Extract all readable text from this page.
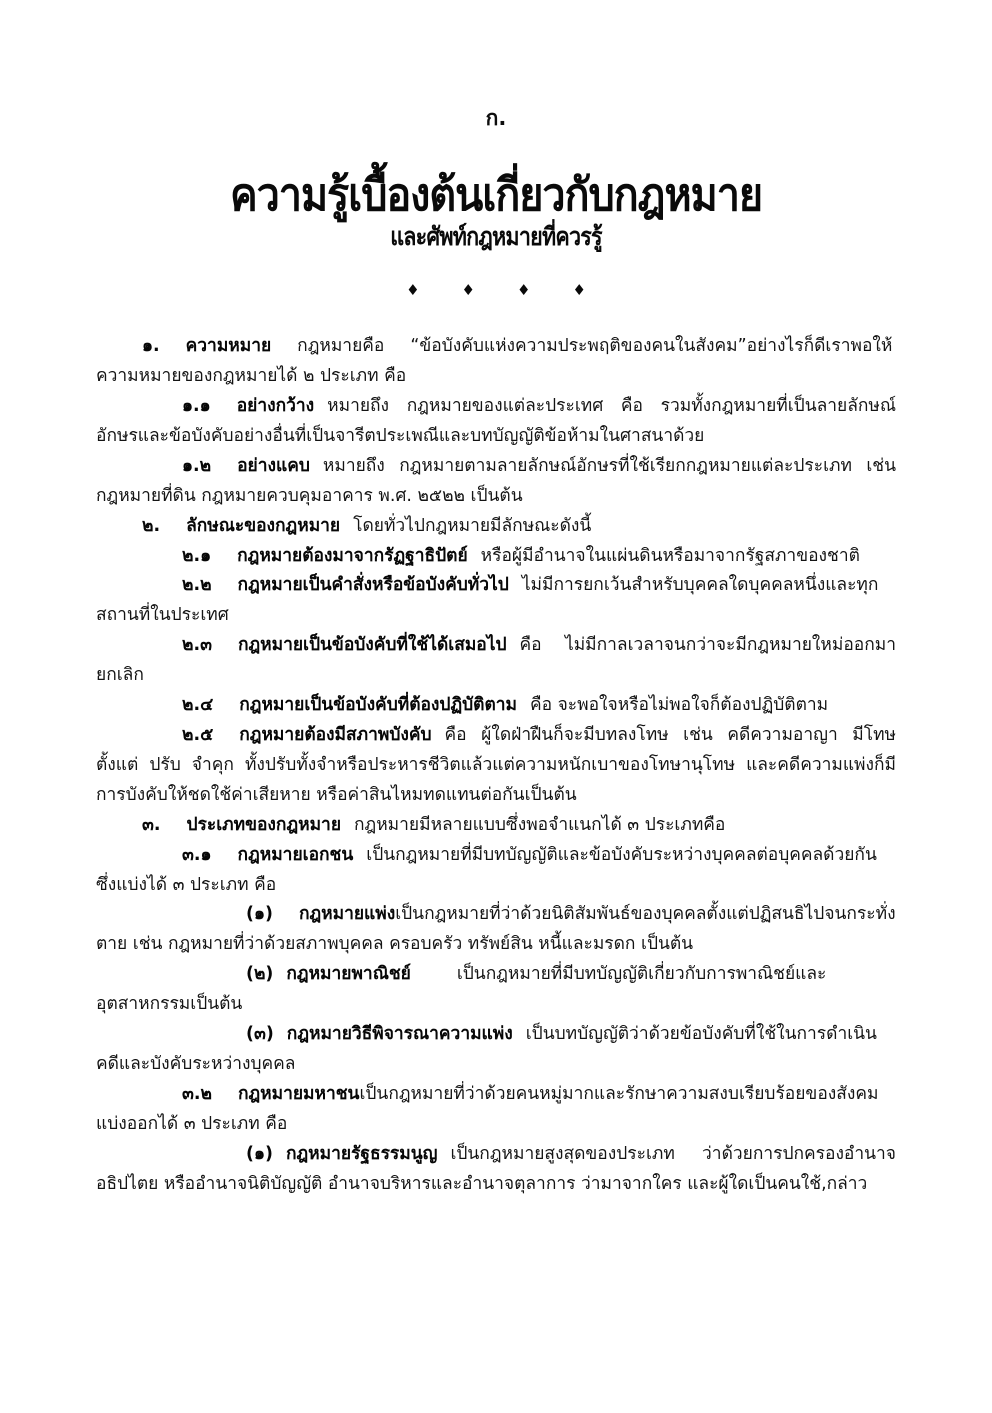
ก.
ความรู้เบื้องต้นเกี่ยวกับกฎหมาย
และศัพท์กฎหมายที่ควรรู้
♦	♦	♦	♦

๑. ความหมาย กฎหมายคือ “ข้อบังคับแห่งความประพฤติของคนในสังคม”อย่างไรก็ดีเราพอให้ความหมายของกฎหมายได้ ๒ ประเภท คือ

๑.๑ อย่างกว้าง หมายถึง กฎหมายของแต่ละประเทศ คือ รวมทั้งกฎหมายที่เป็นลายลักษณ์อักษรและข้อบังคับอย่างอื่นที่เป็นจารีตประเพณีและบทบัญญัติข้อห้ามในศาสนาด้วย

๑.๒ อย่างแคบ หมายถึง กฎหมายตามลายลักษณ์อักษรที่ใช้เรียกกฎหมายแต่ละประเภท เช่น กฎหมายที่ดิน กฎหมายควบคุมอาคาร พ.ศ. ๒๕๒๒ เป็นต้น

๒. ลักษณะของกฎหมาย โดยทั่วไปกฎหมายมีลักษณะดังนี้

๒.๑ กฎหมายต้องมาจากรัฏฐาธิปัตย์ หรือผู้มีอำนาจในแผ่นดินหรือมาจากรัฐสภาของชาติ

๒.๒ กฎหมายเป็นคำสั่งหรือข้อบังคับทั่วไป ไม่มีการยกเว้นสำหรับบุคคลใดบุคคลหนึ่งและทุกสถานที่ในประเทศ

๒.๓ กฎหมายเป็นข้อบังคับที่ใช้ได้เสมอไป คือ ไม่มีกาลเวลาจนกว่าจะมีกฎหมายใหม่ออกมายกเลิก

๒.๔ กฎหมายเป็นข้อบังคับที่ต้องปฏิบัติตาม คือ จะพอใจหรือไม่พอใจก็ต้องปฏิบัติตาม

๒.๕ กฎหมายต้องมีสภาพบังคับ คือ ผู้ใดฝ่าฝืนก็จะมีบทลงโทษ เช่น คดีความอาญา มีโทษตั้งแต่ ปรับ จำคุก ทั้งปรับทั้งจำหรือประหารชีวิตแล้วแต่ความหนักเบาของโทษานุโทษ และคดีความแพ่งก็มีการบังคับให้ชดใช้ค่าเสียหาย หรือค่าสินไหมทดแทนต่อกันเป็นต้น

๓. ประเภทของกฎหมาย กฎหมายมีหลายแบบซึ่งพอจำแนกได้ ๓ ประเภทคือ

๓.๑ กฎหมายเอกชน เป็นกฎหมายที่มีบทบัญญัติและข้อบังคับระหว่างบุคคลต่อบุคคลด้วยกันซึ่งแบ่งได้ ๓ ประเภท คือ

(๑) กฎหมายแพ่งเป็นกฎหมายที่ว่าด้วยนิติสัมพันธ์ของบุคคลตั้งแต่ปฏิสนธิไปจนกระทั่งตาย เช่น กฎหมายที่ว่าด้วยสภาพบุคคล ครอบครัว ทรัพย์สิน หนี้และมรดก เป็นต้น

(๒) กฎหมายพาณิชย์	เป็นกฎหมายที่มีบทบัญญัติเกี่ยวกับการพาณิชย์และอุตสาหกรรมเป็นต้น

(๓) กฎหมายวิธีพิจารณาความแพ่ง เป็นบทบัญญัติว่าด้วยข้อบังคับที่ใช้ในการดำเนินคดีและบังคับระหว่างบุคคล

๓.๒ กฎหมายมหาชนเป็นกฎหมายที่ว่าด้วยคนหมู่มากและรักษาความสงบเรียบร้อยของสังคมแบ่งออกได้ ๓ ประเภท คือ

(๑) กฎหมายรัฐธรรมนูญ เป็นกฎหมายสูงสุดของประเภท ว่าด้วยการปกครองอำนาจอธิปไตย หรืออำนาจนิติบัญญัติ อำนาจบริหารและอำนาจตุลาการ ว่ามาจากใคร และผู้ใดเป็นคนใช้,กล่าว
